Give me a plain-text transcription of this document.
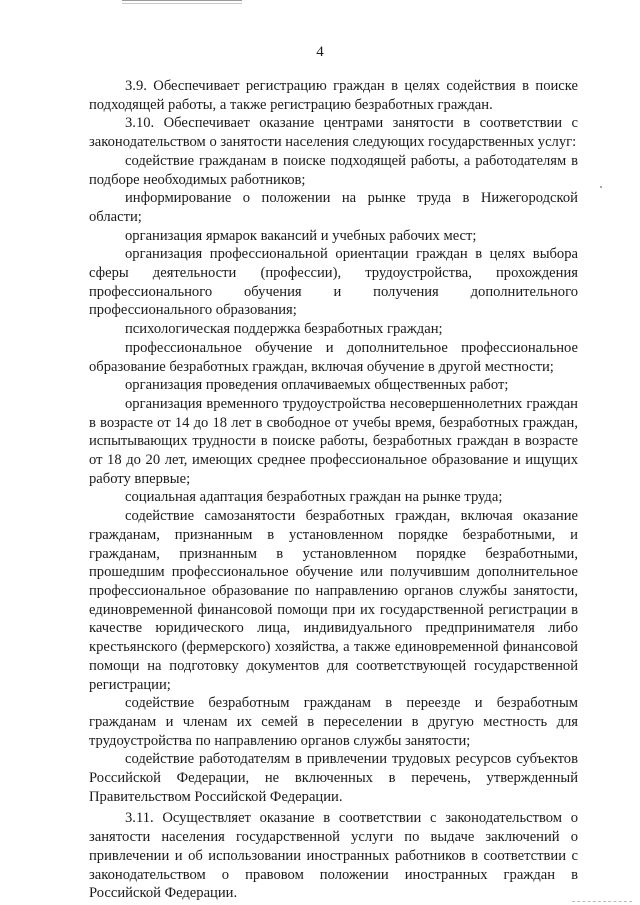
4

3.9. Обеспечивает регистрацию граждан в целях содействия в поиске подходящей работы, а также регистрацию безработных граждан.

3.10. Обеспечивает оказание центрами занятости в соответствии с законодательством о занятости населения следующих государственных услуг:

содействие гражданам в поиске подходящей работы, а работодателям в подборе необходимых работников;

информирование о положении на рынке труда в Нижегородской области;

организация ярмарок вакансий и учебных рабочих мест;

организация профессиональной ориентации граждан в целях выбора сферы деятельности (профессии), трудоустройства, прохождения профессионального обучения и получения дополнительного профессионального образования;

психологическая поддержка безработных граждан;

профессиональное обучение и дополнительное профессиональное образование безработных граждан, включая обучение в другой местности;

организация проведения оплачиваемых общественных работ;

организация временного трудоустройства несовершеннолетних граждан в возрасте от 14 до 18 лет в свободное от учебы время, безработных граждан, испытывающих трудности в поиске работы, безработных граждан в возрасте от 18 до 20 лет, имеющих среднее профессиональное образование и ищущих работу впервые;

социальная адаптация безработных граждан на рынке труда;

содействие самозанятости безработных граждан, включая оказание гражданам, признанным в установленном порядке безработными, и гражданам, признанным в установленном порядке безработными, прошедшим профессиональное обучение или получившим дополнительное профессиональное образование по направлению органов службы занятости, единовременной финансовой помощи при их государственной регистрации в качестве юридического лица, индивидуального предпринимателя либо крестьянского (фермерского) хозяйства, а также единовременной финансовой помощи на подготовку документов для соответствующей государственной регистрации;

содействие безработным гражданам в переезде и безработным гражданам и членам их семей в переселении в другую местность для трудоустройства по направлению органов службы занятости;

содействие работодателям в привлечении трудовых ресурсов субъектов Российской Федерации, не включенных в перечень, утвержденный Правительством Российской Федерации.

3.11. Осуществляет оказание в соответствии с законодательством о занятости населения государственной услуги по выдаче заключений о привлечении и об использовании иностранных работников в соответствии с законодательством о правовом положении иностранных граждан в Российской Федерации.
